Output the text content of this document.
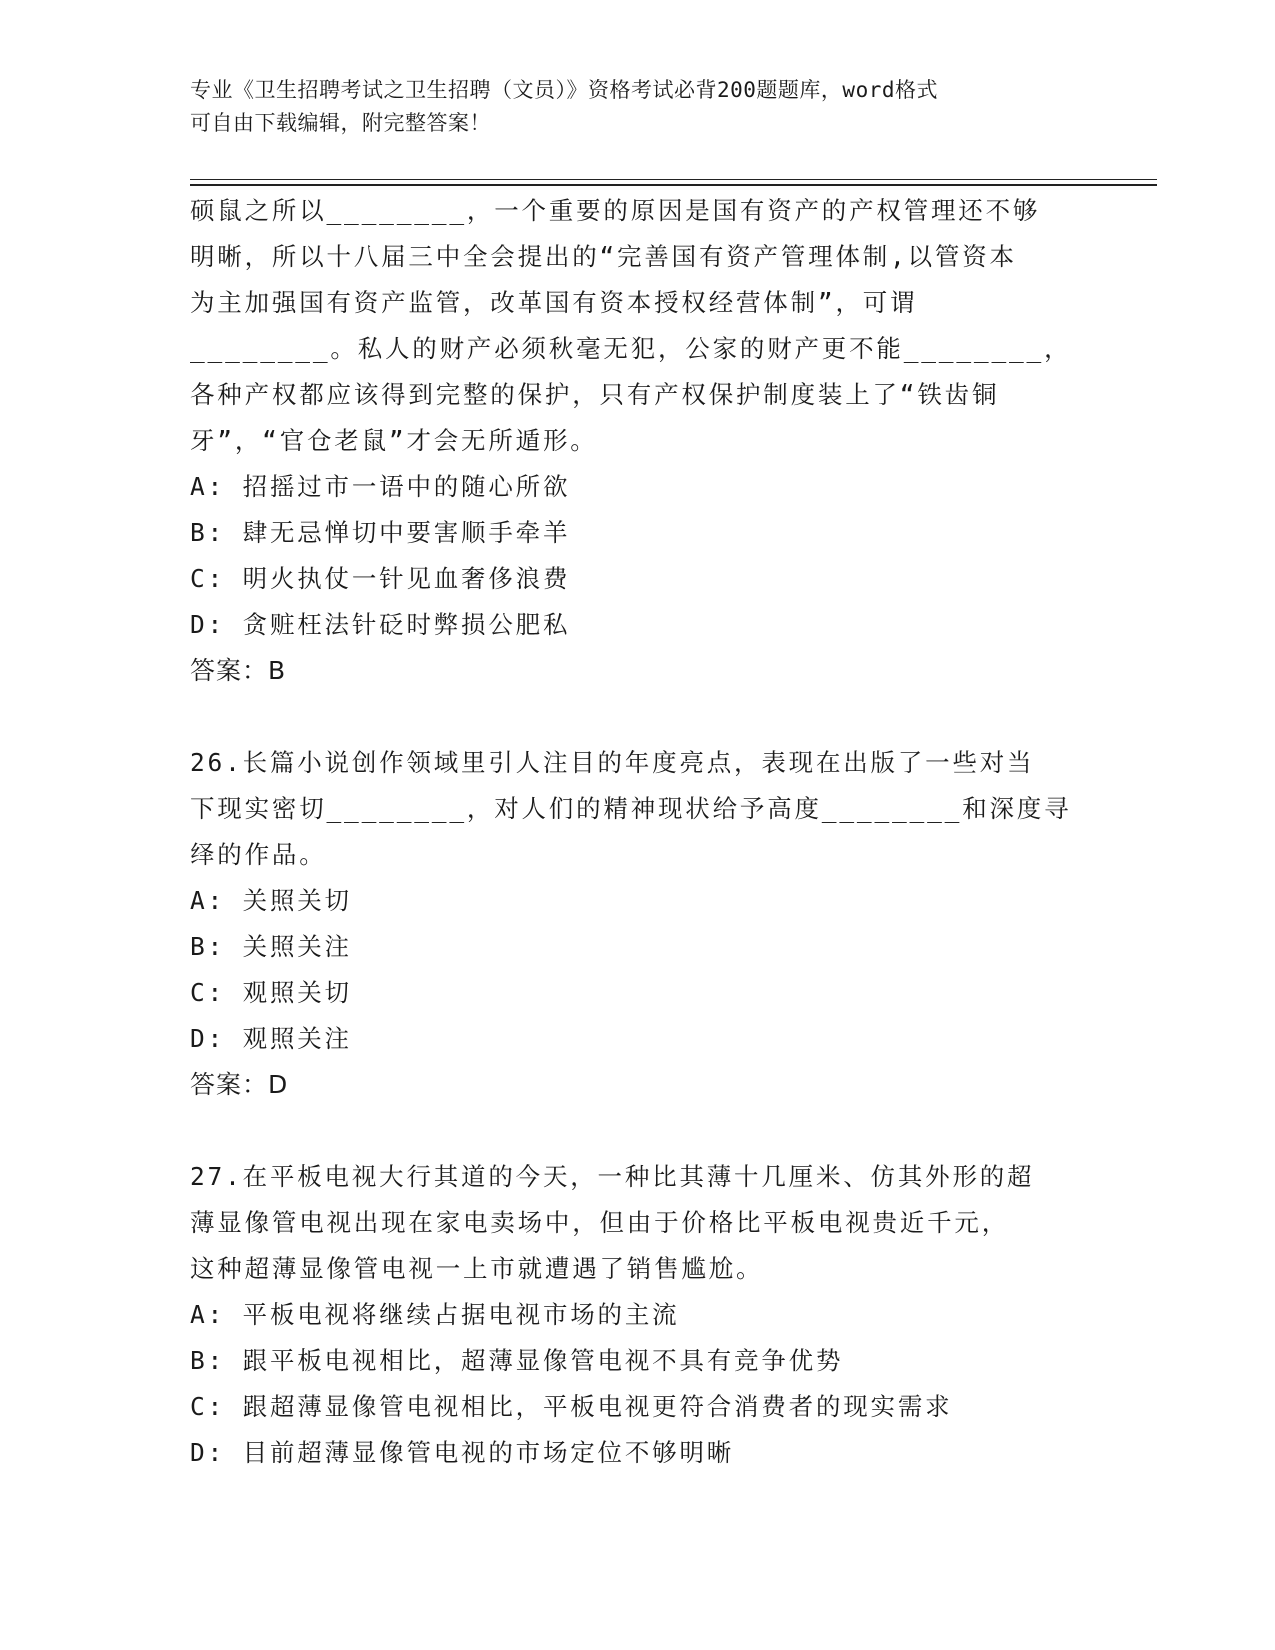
专业《卫生招聘考试之卫生招聘（文员）》资格考试必背200题题库，word格式
可自由下载编辑，附完整答案！
硕鼠之所以________，一个重要的原因是国有资产的产权管理还不够
明晰，所以十八届三中全会提出的“完善国有资产管理体制,以管资本
为主加强国有资产监管，改革国有资本授权经营体制”，可谓
________。私人的财产必须秋毫无犯，公家的财产更不能________，
各种产权都应该得到完整的保护，只有产权保护制度装上了“铁齿铜
牙”，“官仓老鼠”才会无所遁形。
A: 招摇过市一语中的随心所欲
B: 肆无忌惮切中要害顺手牵羊
C: 明火执仗一针见血奢侈浪费
D: 贪赃枉法针砭时弊损公肥私
答案：B
26.长篇小说创作领域里引人注目的年度亮点，表现在出版了一些对当
下现实密切________，对人们的精神现状给予高度________和深度寻
绎的作品。
A: 关照关切
B: 关照关注
C: 观照关切
D: 观照关注
答案：D
27.在平板电视大行其道的今天，一种比其薄十几厘米、仿其外形的超
薄显像管电视出现在家电卖场中，但由于价格比平板电视贵近千元，
这种超薄显像管电视一上市就遭遇了销售尴尬。
A: 平板电视将继续占据电视市场的主流
B: 跟平板电视相比，超薄显像管电视不具有竞争优势
C: 跟超薄显像管电视相比，平板电视更符合消费者的现实需求
D: 目前超薄显像管电视的市场定位不够明晰
